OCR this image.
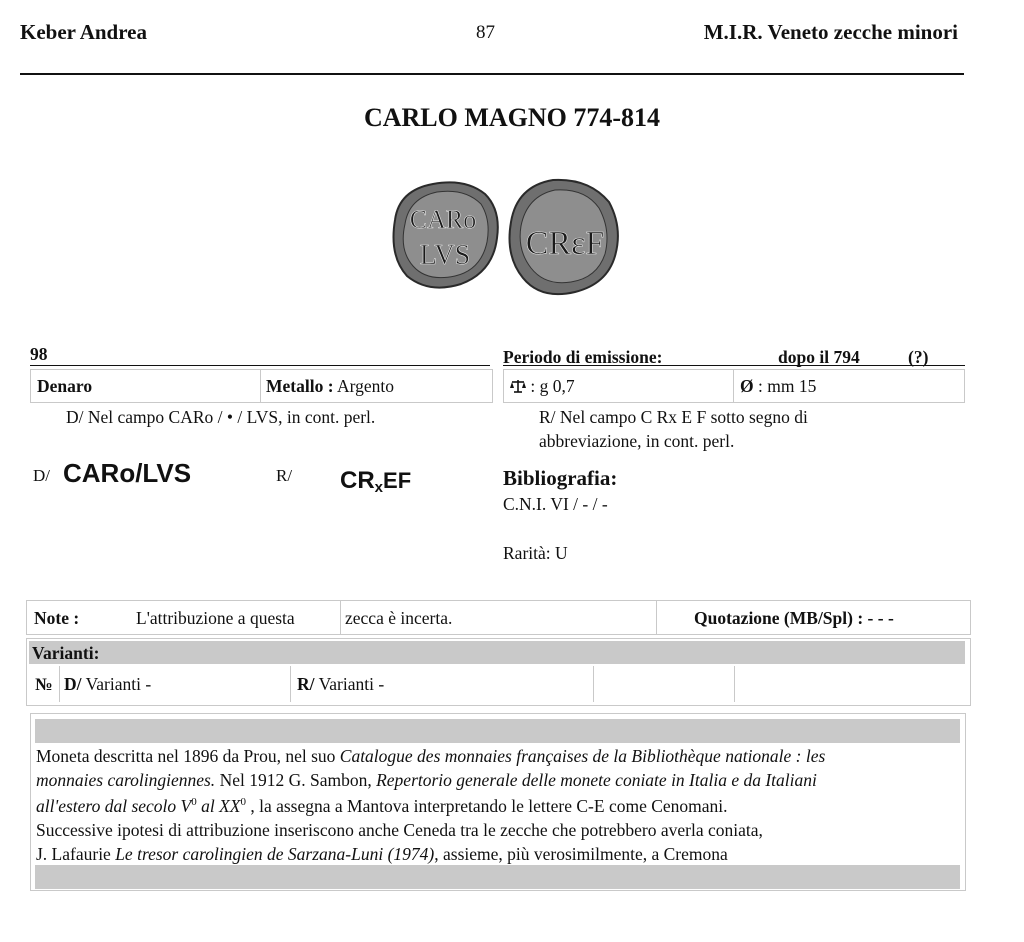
Keber Andrea	87	M.I.R. Veneto zecche minori
CARLO MAGNO 774-814
CARo
LVS CRɛF
98	Periodo di emissione:	dopo il 794	(?)
Denaro	Metallo : Argento	: g 0,7	Ø : mm 15
D/ Nel campo CARo / • / LVS, in cont. perl.	R/ Nel campo C Rx E F sotto segno di
abbreviazione, in cont. perl.
D/ CARo/LVS	R/ CRxEF	Bibliografia:
C.N.I. VI / - / -
Rarità: U
Note :	L'attribuzione a questa	zecca è incerta.	Quotazione (MB/Spl) : - - -
Varianti:
№ D/ Varianti -	R/ Varianti -
Moneta descritta nel 1896 da Prou, nel suo Catalogue des monnaies françaises de la Bibliothèque nationale : les
monnaies carolingiennes. Nel 1912 G. Sambon, Repertorio generale delle monete coniate in Italia e da Italiani
all'estero dal secolo $V^0$ al $XX^0$ , la assegna a Mantova interpretando le lettere C-E come Cenomani.
Successive ipotesi di attribuzione inseriscono anche Ceneda tra le zecche che potrebbero averla coniata,
J. Lafaurie Le tresor carolingien de Sarzana-Luni (1974), assieme, più verosimilmente, a Cremona
